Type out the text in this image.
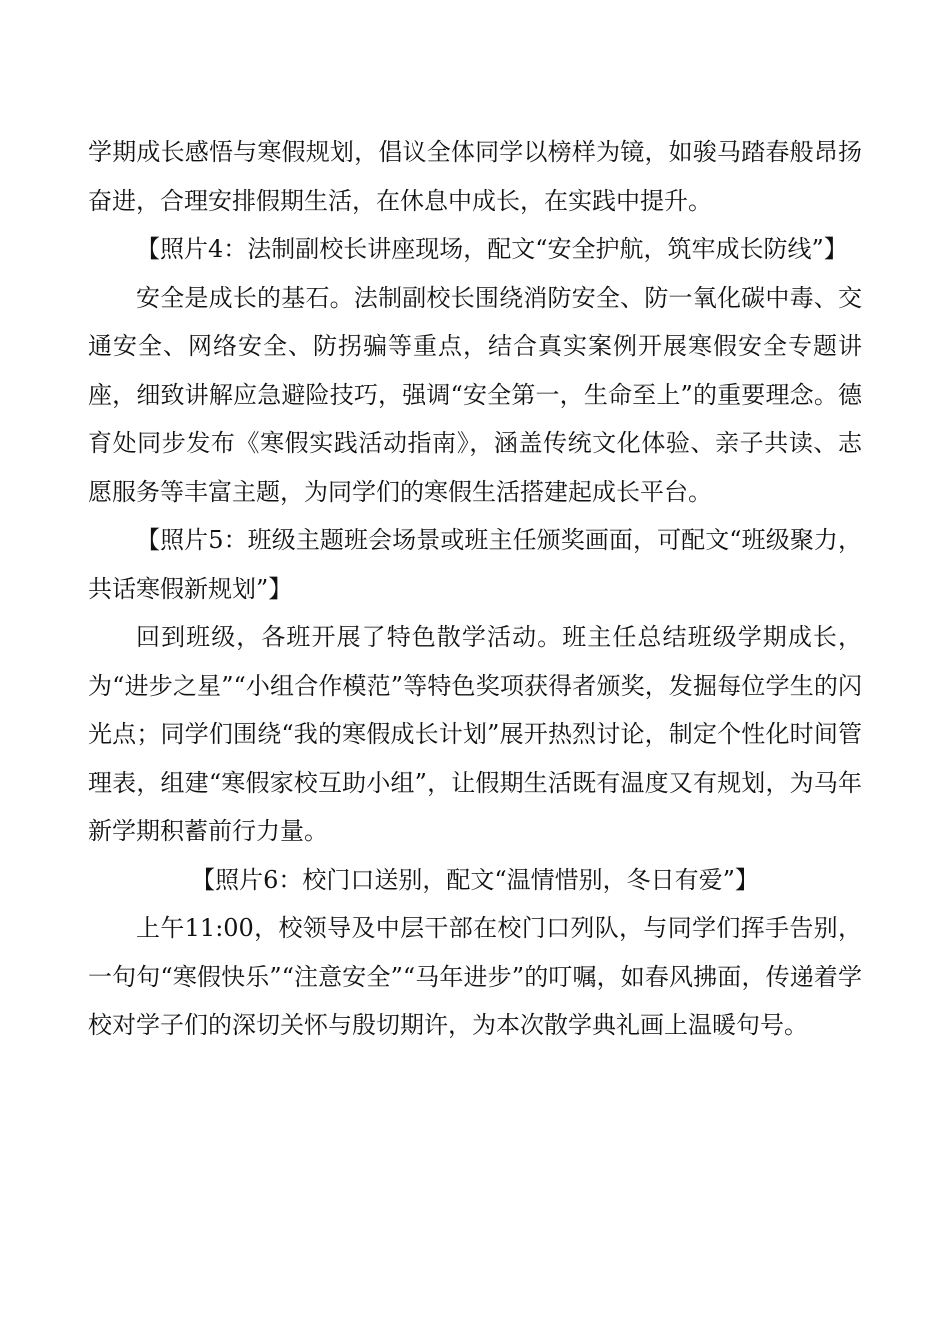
学期成长感悟与寒假规划，倡议全体同学以榜样为镜，如骏马踏春般昂扬奋进，合理安排假期生活，在休息中成长，在实践中提升。

【照片4：法制副校长讲座现场，配文“安全护航，筑牢成长防线”】

安全是成长的基石。法制副校长围绕消防安全、防一氧化碳中毒、交通安全、网络安全、防拐骗等重点，结合真实案例开展寒假安全专题讲座，细致讲解应急避险技巧，强调“安全第一，生命至上”的重要理念。德育处同步发布《寒假实践活动指南》，涵盖传统文化体验、亲子共读、志愿服务等丰富主题，为同学们的寒假生活搭建起成长平台。

【照片5：班级主题班会场景或班主任颁奖画面，可配文“班级聚力，共话寒假新规划”】

回到班级，各班开展了特色散学活动。班主任总结班级学期成长，为“进步之星”“小组合作模范”等特色奖项获得者颁奖，发掘每位学生的闪光点；同学们围绕“我的寒假成长计划”展开热烈讨论，制定个性化时间管理表，组建“寒假家校互助小组”，让假期生活既有温度又有规划，为马年新学期积蓄前行力量。

【照片6：校门口送别，配文“温情惜别，冬日有爱”】

上午11:00，校领导及中层干部在校门口列队，与同学们挥手告别，一句句“寒假快乐”“注意安全”“马年进步”的叮嘱，如春风拂面，传递着学校对学子们的深切关怀与殷切期许，为本次散学典礼画上温暖句号。
